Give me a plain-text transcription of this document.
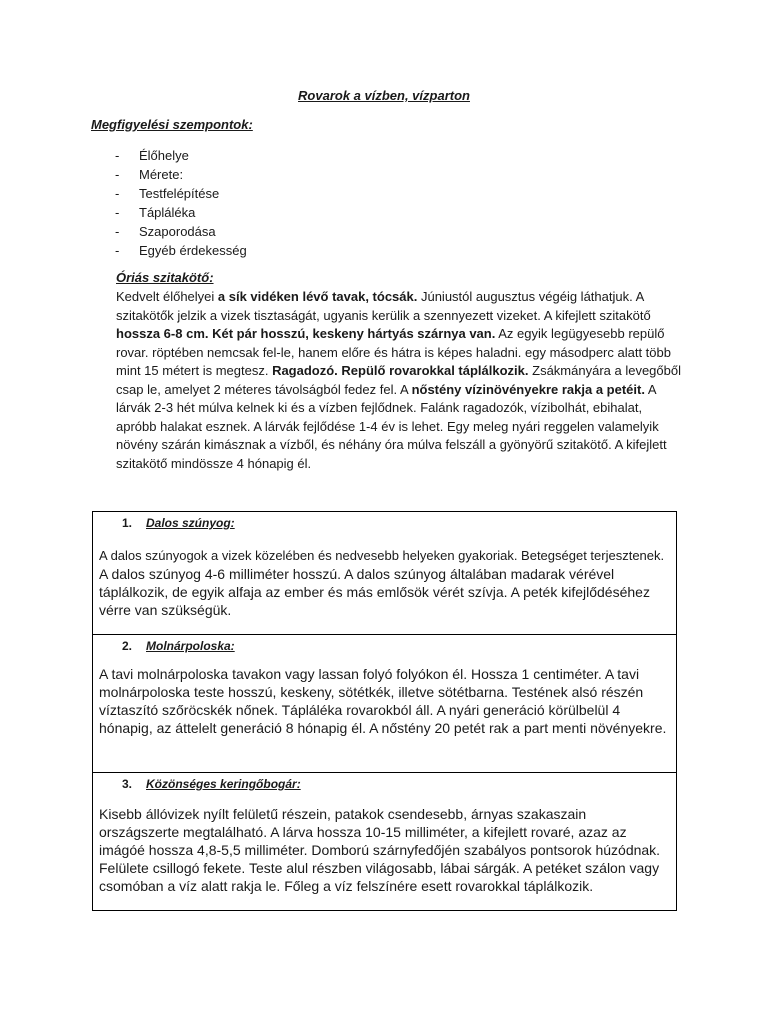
Rovarok a vízben, vízparton
Megfigyelési szempontok:
- Élőhelye
- Mérete:
- Testfelépítése
- Tápláléka
- Szaporodása
- Egyéb érdekesség
Óriás szitakötő:
Kedvelt élőhelyei a sík vidéken lévő tavak, tócsák. Júniustól augusztus végéig láthatjuk. A szitakötők jelzik a vizek tisztaságát, ugyanis kerülik a szennyezett vizeket. A kifejlett szitakötő hossza 6-8 cm. Két pár hosszú, keskeny hártyás szárnya van. Az egyik legügyesebb repülő rovar. röptében nemcsak fel-le, hanem előre és hátra is képes haladni. egy másodperc alatt több mint 15 métert is megtesz. Ragadozó. Repülő rovarokkal táplálkozik. Zsákmányára a levegőből csap le, amelyet 2 méteres távolságból fedez fel. A nőstény vízinövényekre rakja a petéit. A lárvák 2-3 hét múlva kelnek ki és a vízben fejlődnek. Falánk ragadozók, vízibolhát, ebihalat, apróbb halakat esznek. A lárvák fejlődése 1-4 év is lehet. Egy meleg nyári reggelen valamelyik növény szárán kimásznak a vízből, és néhány óra múlva felszáll a gyönyörű szitakötő. A kifejlett szitakötő mindössze 4 hónapig él.
1. Dalos szúnyog:
A dalos szúnyogok a vizek közelében és nedvesebb helyeken gyakoriak. Betegséget terjesztenek. A dalos szúnyog 4-6 milliméter hosszú. A dalos szúnyog általában madarak vérével táplálkozik, de egyik alfaja az ember és más emlősök vérét szívja. A peték kifejlődéséhez vérre van szükségük.
2. Molnárpoloska:
A tavi molnárpoloska tavakon vagy lassan folyó folyókon él. Hossza 1 centiméter. A tavi molnárpoloska teste hosszú, keskeny, sötétkék, illetve sötétbarna. Testének alsó részén víztaszító szőröcskék nőnek. Tápláléka rovarokból áll. A nyári generáció körülbelül 4 hónapig, az áttelelt generáció 8 hónapig él. A nőstény 20 petét rak a part menti növényekre.
3. Közönséges keringőbogár:
Kisebb állóvizek nyílt felületű részein, patakok csendesebb, árnyas szakaszain országszerte megtalálható. A lárva hossza 10-15 milliméter, a kifejlett rovaré, azaz az imágóé hossza 4,8-5,5 milliméter. Domború szárnyfedőjén szabályos pontsorok húzódnak. Felülete csillogó fekete. Teste alul részben világosabb, lábai sárgák. A petéket szálon vagy csomóban a víz alatt rakja le. Főleg a víz felszínére esett rovarokkal táplálkozik.
